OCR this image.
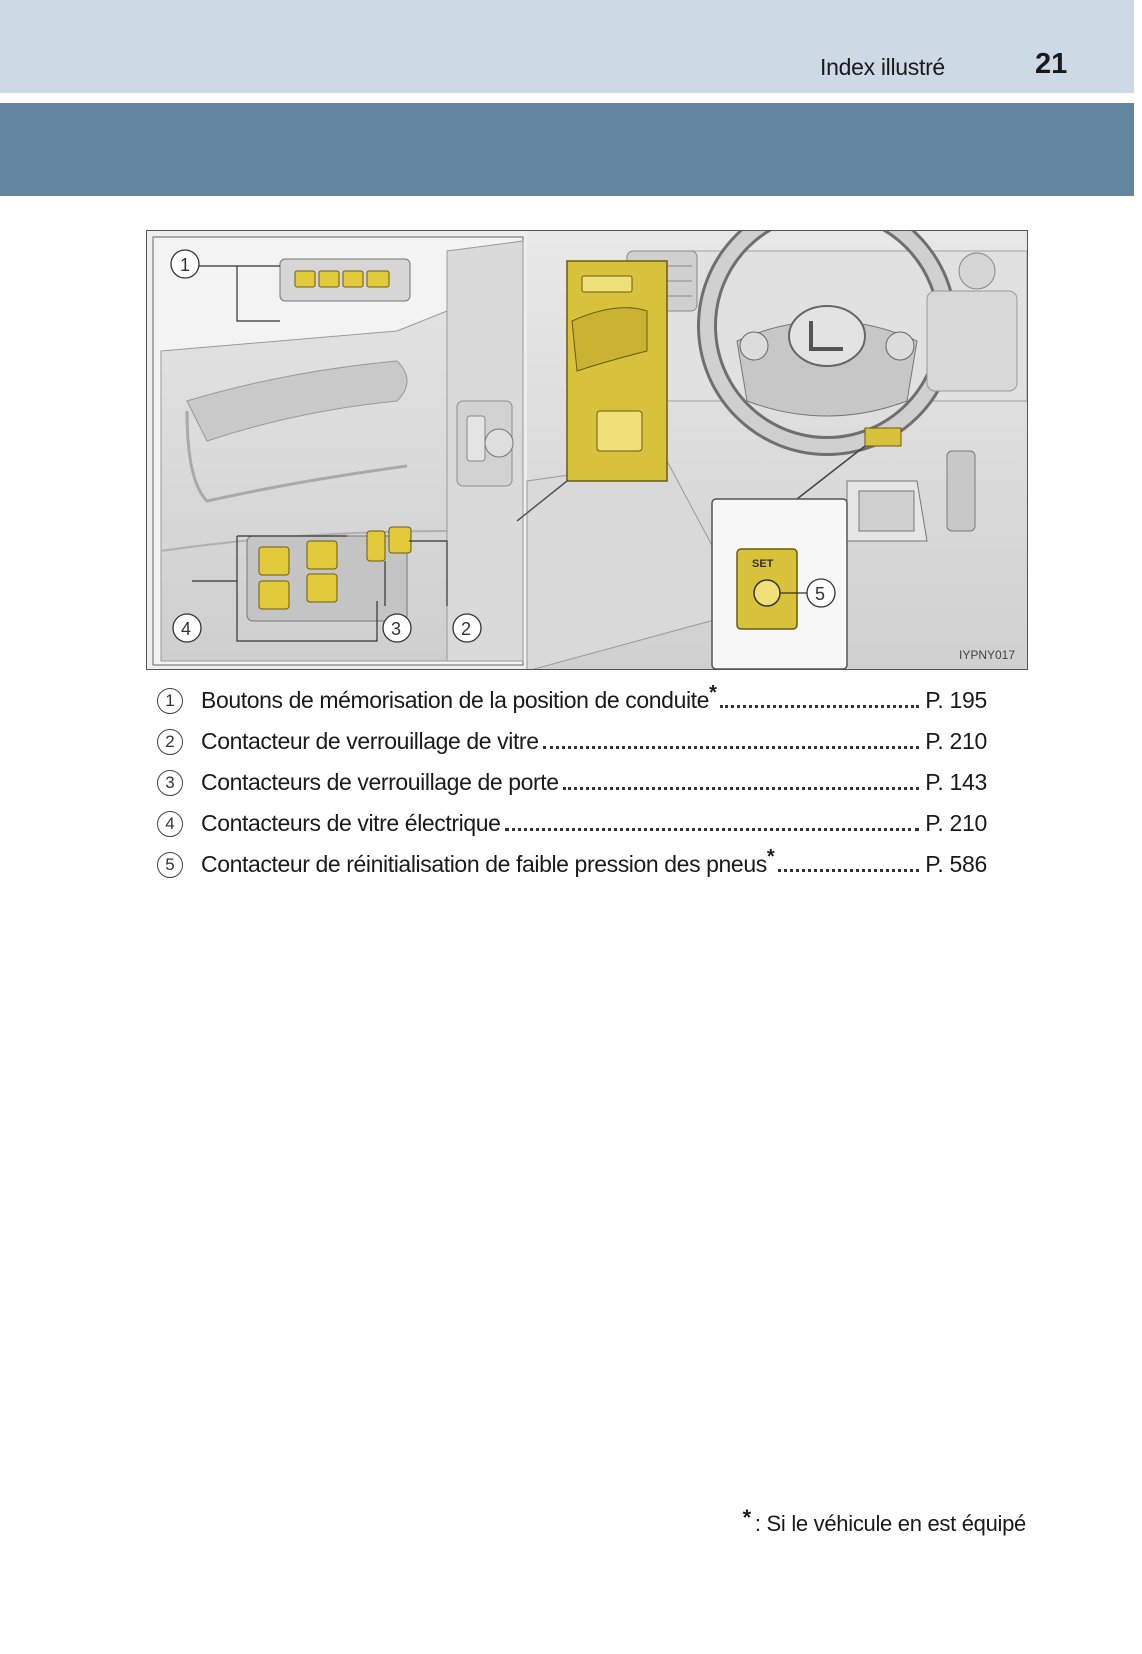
Index illustré	21
SET
1
4	3	2
5
IYPNY017
1	Boutons de mémorisation de la position de conduite*	P. 195
2	Contacteur de verrouillage de vitre	P. 210
3	Contacteurs de verrouillage de porte	P. 143
4	Contacteurs de vitre électrique	P. 210
5	Contacteur de réinitialisation de faible pression des pneus*	P. 586
* : Si le véhicule en est équipé
